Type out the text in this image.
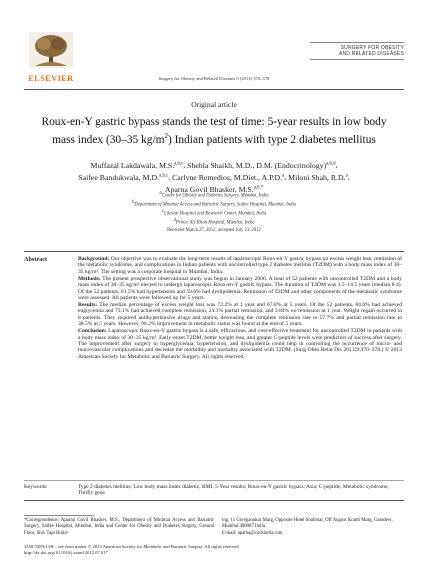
ELSEVIER	Surgery for Obesity and Related Diseases 9 (2013) 370–378
SURGERY FOR OBESITY
AND RELATED DISEASES
Original article
Roux-en-Y gastric bypass stands the test of time: 5-year results in low body mass index (30–35 $kg/m^2$) Indian patients with type 2 diabetes mellitus
Muffazal Lakdawala, M.S.$^{a,b,c}$, Shehla Shaikh, M.D., D.M. (Endocrinology)$^{a,b,d}$,
Saifee Bandukwala, M.D.$^{a,b,c}$, Carlyne Remedios, M.Diet., A.P.D.$^a$, Miloni Shah, R.D.$^a$,
Aparna Govil Bhasker, M.S.$^{a,b,*}$
$^a$Center for Obesity and Diabetes Surgery, Mumbai, India
$^b$Department of Minimal Access and Bariatric Surgery, Saifee Hospital, Mumbai, India
$^c$Lilavati Hospital and Research Center, Mumbai, India
$^d$Prince Aly Khan Hospital, Mumbai, India
Received March 27, 2012; accepted July 23, 2012
Abstract	Background: Our objective was to evaluate the long-term results of laparoscopic Roux-en-Y gastric bypass on excess weight loss, remission of the metabolic syndrome, and complications in Indian patients with uncontrolled type 2 diabetes mellitus (T2DM) with a body mass index of 30–35 kg/m². The setting was a corporate hospital in Mumbai, India.

Methods: The present prospective observational study was begun in January 2006. A total of 52 patients with uncontrolled T2DM and a body mass index of 30–35 kg/m² elected to undergo laparoscopic Roux-en-Y gastric bypass. The duration of T2DM was 3.5–14.5 years (median 8.4). Of the 52 patients, 61.5% had hypertension and 59.6% had dyslipidemia. Remission of T2DM and other components of the metabolic syndrome were assessed. All patients were followed up for 5 years.

Results: The median percentage of excess weight loss was 72.2% at 1 year and 67.8% at 5 years. Of the 52 patients, 84.6% had achieved euglycemia and 73.1% had achieved complete remission, 23.1% partial remission, and 3.84% no remission at 1 year. Weight regain occurred in 8 patients. They required antihypertensive drugs and statins, decreasing the complete remission rate to 57.7% and partial remission rate to 38.5% at 5 years. However, 96.2% improvement in metabolic status was found at the end of 5 years.

Conclusion: Laparoscopic Roux-en-Y gastric bypass is a safe, efficacious, and cost-effective treatment for uncontrolled T2DM in patients with a body mass index of 30–35 kg/m². Early-onset T2DM, better weight loss, and greater C-peptide levels were predictors of success after surgery. The improvement after surgery in hyperglycemia, hypertension, and dyslipidemia could help in controlling the occurrence of micro- and macrovascular complications and decrease the morbidity and mortality associated with T2DM. (Surg Obes Relat Dis 2013;9:370–378.) © 2013 American Society for Metabolic and Bariatric Surgery. All rights reserved.

Keywords:	Type 2 diabetes mellitus; Low body mass index diabetic; BMI; 5-Year results; Roux-en-Y gastric bypass; Asia; C-peptide; Metabolic syndrome; Thrifty gene
*Correspondence: Aparna Govil Bhasker, M.S., Department of Minimal Access and Bariatric Surgery, Saifee Hospital, Mumbai, India and Center for Obesity and Diabetes Surgery, Ground Floor, Shiv Tapi Build-
ing, 11 Goregaonkar Marg, Opposite Hotel Shalimar, Off August Kranti Marg, Gamdevi, Mumbai 400007 India.
E-mail: aparna@codsindia.com
1550-7289/13/$ – see front matter © 2013 American Society for Metabolic and Bariatric Surgery. All rights reserved.
http://dx.doi.org/10.1016/j.soard.2012.07.017
